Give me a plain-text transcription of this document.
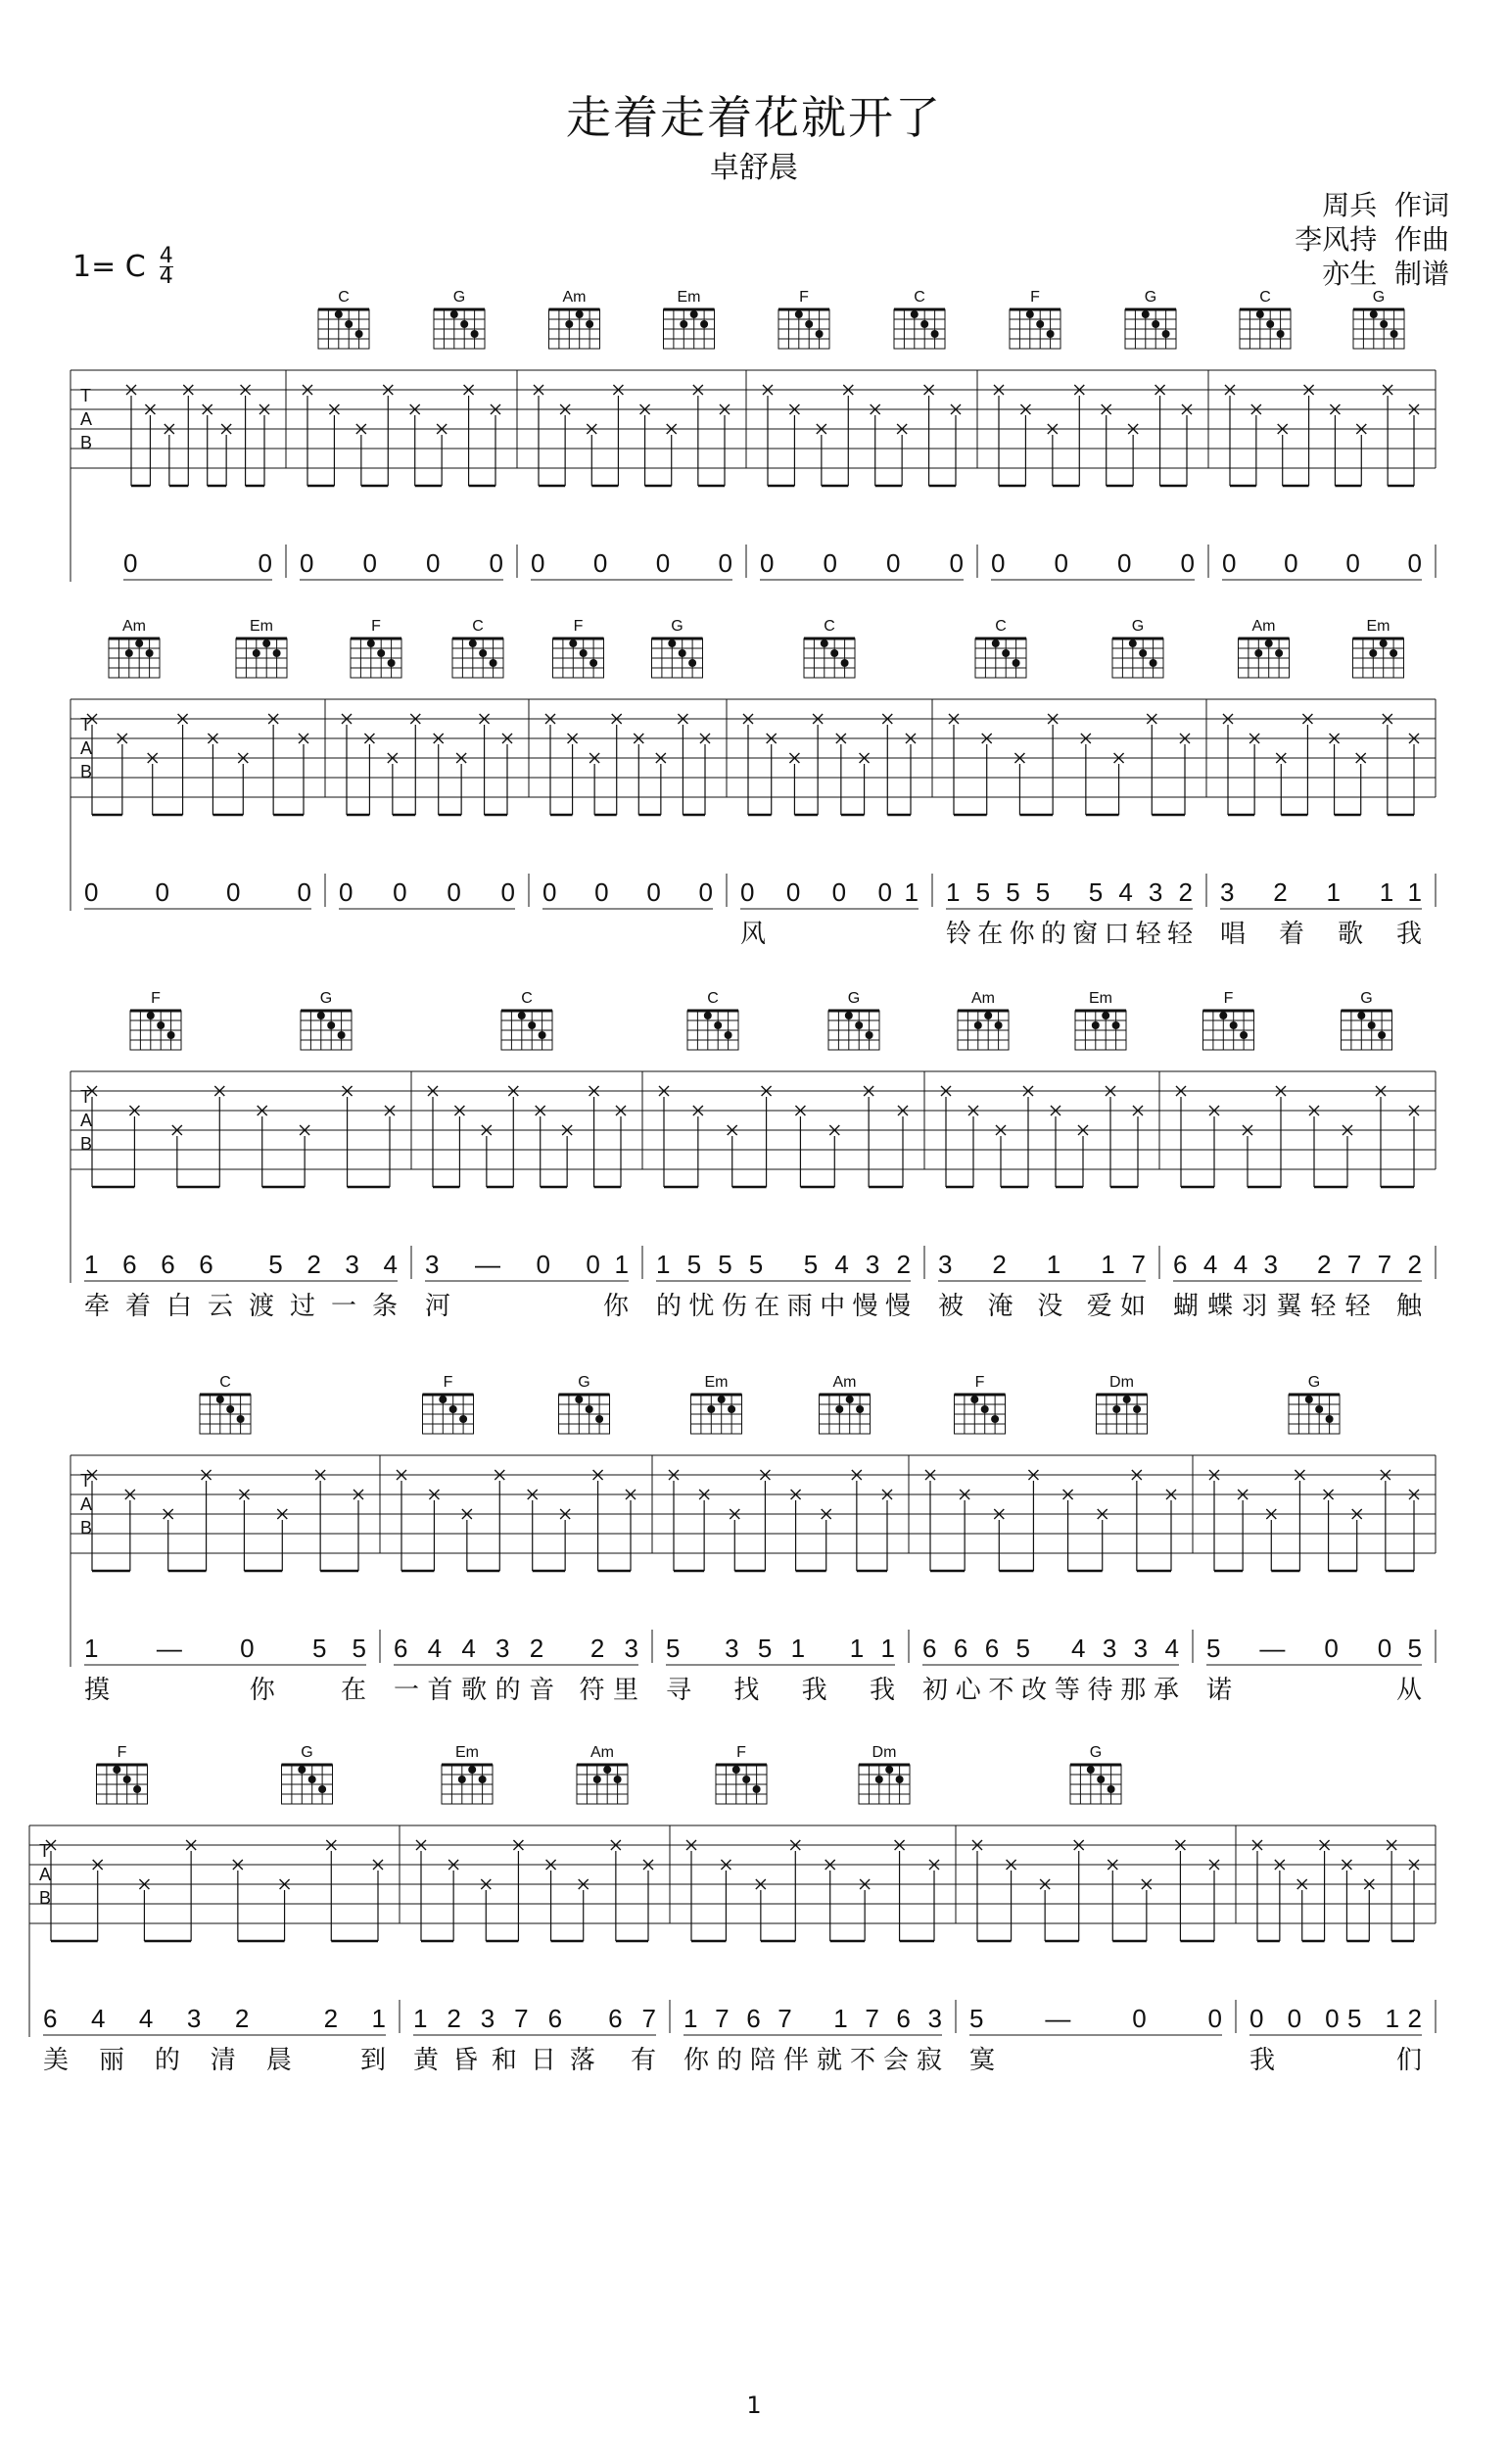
走着走着花就开了
卓舒晨
周兵  作词
李风持  作曲
亦生  制谱
1= C $\frac{4}{4}$
T
A
B
0 0
C	G
0 0 0 0
Am	Em
0 0 0 0
F	C
0 0 0 0
F	G
0 0 0 0
C	G
0 0 0 0
T
A
B
Am	Em
0 0 0 0
F	C
0 0 0 0
F	G
0 0 0 0
C
0 0 0 01
风
C	G
1555 5432
铃在你的窗口轻轻
Am	Em
3 2 1 11
唱 着 歌 我
T
A
B
F	G
1666 5234
牵着白云渡过一条
C
3 — 0 01
河 你
C	G
1555 5432
的忧伤在雨中慢慢
Am	Em
3 2 1 17
被 淹 没 爱如
F	G
6443 2772
蝴蝶羽翼轻轻 触
T
A
B
C
1 — 0 55
摸 你在
F	G
64432 23
一首歌的音 符里
Em	Am
5 351 11
寻 找 我 我
F	Dm
6665 4334
初心不改等待那承
G
5 — 0 05
诺 从
T
A
B
F	G
64432 21
美丽的清晨 到
Em	Am
12376 67
黄昏和日落 有
F	Dm
1767 1763
你的陪伴就不会寂
G
5 — 0 0
寞
0 0 05 12
我们
1
